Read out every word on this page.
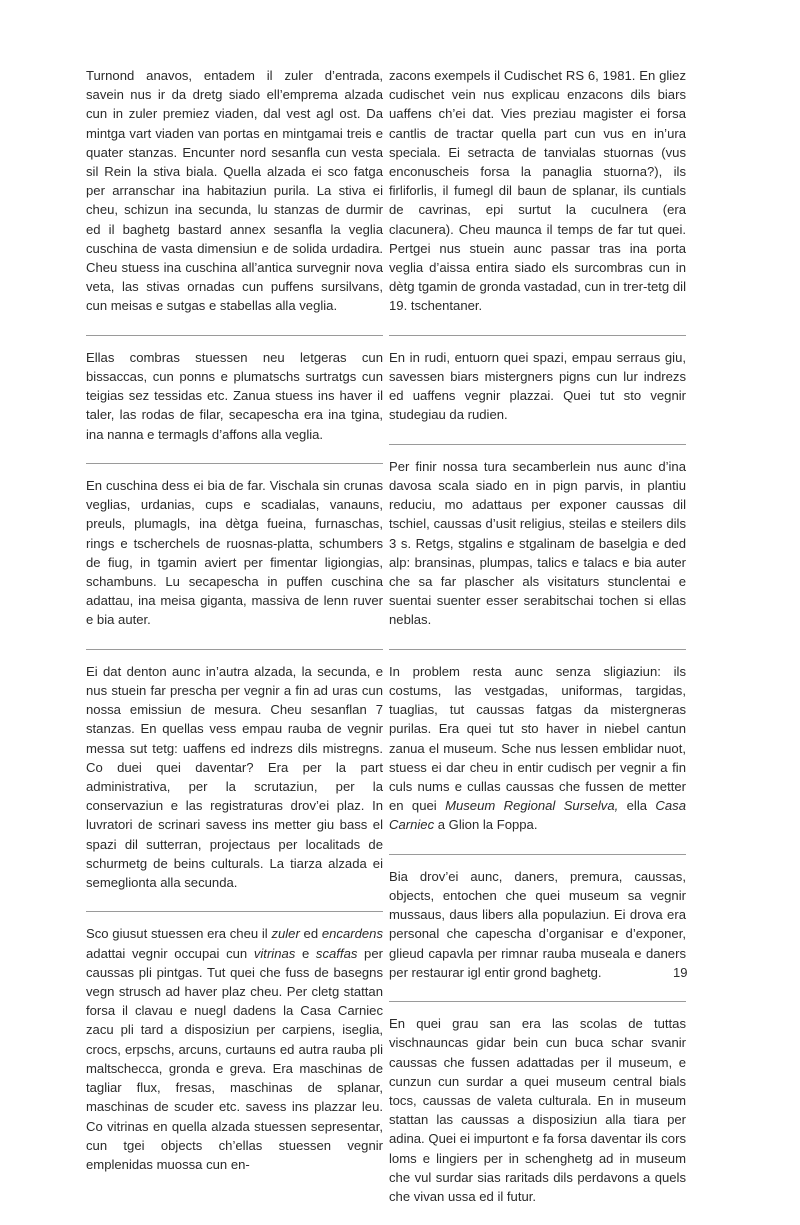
Turnond anavos, entadem il zuler d’entrada, savein nus ir da dretg siado ell’emprema alzada cun in zuler premiez viaden, dal vest agl ost. Da mintga vart viaden van portas en mintgamai treis e quater stanzas. Encunter nord sesanfla cun vesta sil Rein la stiva biala. Quella alzada ei sco fatga per arranschar ina habitaziun purila. La stiva ei cheu, schizun ina secunda, lu stanzas de durmir ed il baghetg bastard annex sesanfla la veglia cuschina de vasta dimensiun e de solida urdadira. Cheu stuess ina cuschina all’antica survegnir nova veta, las stivas ornadas cun puffens sursilvans, cun meisas e sutgas e stabellas alla veglia.

Ellas combras stuessen neu letgeras cun bissaccas, cun ponns e plumatschs surtratgs cun teigias sez tessidas etc. Zanua stuess ins haver il taler, las rodas de filar, secapescha era ina tgina, ina nanna e termagls d’affons alla veglia.

En cuschina dess ei bia de far. Vischala sin crunas veglias, urdanias, cups e scadialas, vanauns, preuls, plumagls, ina dètga fueina, furnaschas, rings e tscherchels de ruosnas-platta, schumbers de fiug, in tgamin aviert per fimentar ligiongias, schambuns. Lu secapescha in puffen cuschina adattau, ina meisa giganta, massiva de lenn ruver e bia auter.

Ei dat denton aunc in’autra alzada, la secunda, e nus stuein far prescha per vegnir a fin ad uras cun nossa emissiun de mesura. Cheu sesanflan 7 stanzas. En quellas vess empau rauba de vegnir messa sut tetg: uaffens ed indrezs dils mistregns. Co duei quei daventar? Era per la part administrativa, per la scrutaziun, per la conservaziun e las registraturas drov’ei plaz. In luvratori de scrinari savess ins metter giu bass el spazi dil sutterran, projectaus per localitads de schurmetg de beins culturals. La tiarza alzada ei semeglionta alla secunda.

Sco giusut stuessen era cheu il zuler ed encardens adattai vegnir occupai cun vitrinas e scaffas per caussas pli pintgas. Tut quei che fuss de basegns vegn strusch ad haver plaz cheu. Per cletg stattan forsa il clavau e nuegl dadens la Casa Carniec zacu pli tard a disposiziun per carpiens, iseglia, crocs, erpschs, arcuns, curtauns ed autra rauba pli maltschecca, gronda e greva. Era maschinas de tagliar flux, fresas, maschinas de splanar, maschinas de scuder etc. savess ins plazzar leu. Co vitrinas en quella alzada stuessen sepresentar, cun tgei objects ch’ellas stuessen vegnir emplenidas muossa cun en-

zacons exempels il Cudischet RS 6, 1981. En gliez cudischet vein nus explicau enzacons dils biars uaffens ch’ei dat. Vies preziau magister ei forsa cantlis de tractar quella part cun vus en in’ura speciala. Ei setracta de tanvialas stuornas (vus enconuscheis forsa la panaglia stuorna?), ils firliforlis, il fumegl dil baun de splanar, ils cuntials de cavrinas, epi surtut la cuculnera (era clacunera). Cheu maunca il temps de far tut quei. Pertgei nus stuein aunc passar tras ina porta veglia d’aissa entira siado els surcombras cun in dètg tgamin de gronda vastadad, cun in trer-tetg dil 19. tschentaner.

En in rudi, entuorn quei spazi, empau serraus giu, savessen biars mistergners pigns cun lur indrezs ed uaffens vegnir plazzai. Quei tut sto vegnir studegiau da rudien.

Per finir nossa tura secamberlein nus aunc d’ina davosa scala siado en in pign parvis, in plantiu reduciu, mo adattaus per exponer caussas dil tschiel, caussas d’usit religius, steilas e steilers dils 3 s. Retgs, stgalins e stgalinam de baselgia e ded alp: bransinas, plumpas, talics e talacs e bia auter che sa far plascher als visitaturs stunclentai e suentai suenter esser serabitschai tochen si ellas neblas.

In problem resta aunc senza sligiaziun: ils costums, las vestgadas, uniformas, targidas, tuaglias, tut caussas fatgas da mistergneras purilas. Era quei tut sto haver in niebel cantun zanua el museum. Sche nus lessen emblidar nuot, stuess ei dar cheu in entir cudisch per vegnir a fin culs nums e cullas caussas che fussen de metter en quei Museum Regional Surselva, ella Casa Carniec a Glion la Foppa.

Bia drov’ei aunc, daners, premura, caussas, objects, entochen che quei museum sa vegnir mussaus, daus libers alla populaziun. Ei drova era personal che capescha d’organisar e d’exponer, glieud capavla per rimnar rauba museala e daners per restaurar igl entir grond baghetg.

En quei grau san era las scolas de tuttas vischnauncas gidar bein cun buca schar svanir caussas che fussen adattadas per il museum, e cunzun cun surdar a quei museum central bials tocs, caussas de valeta culturala. En in museum stattan las caussas a disposiziun alla tiara per adina. Quei ei impurtont e fa forsa daventar ils cors loms e lingiers per in schenghetg ad in museum che vul surdar sias raritads dils perdavons a quels che vivan ussa ed il futur.

19
